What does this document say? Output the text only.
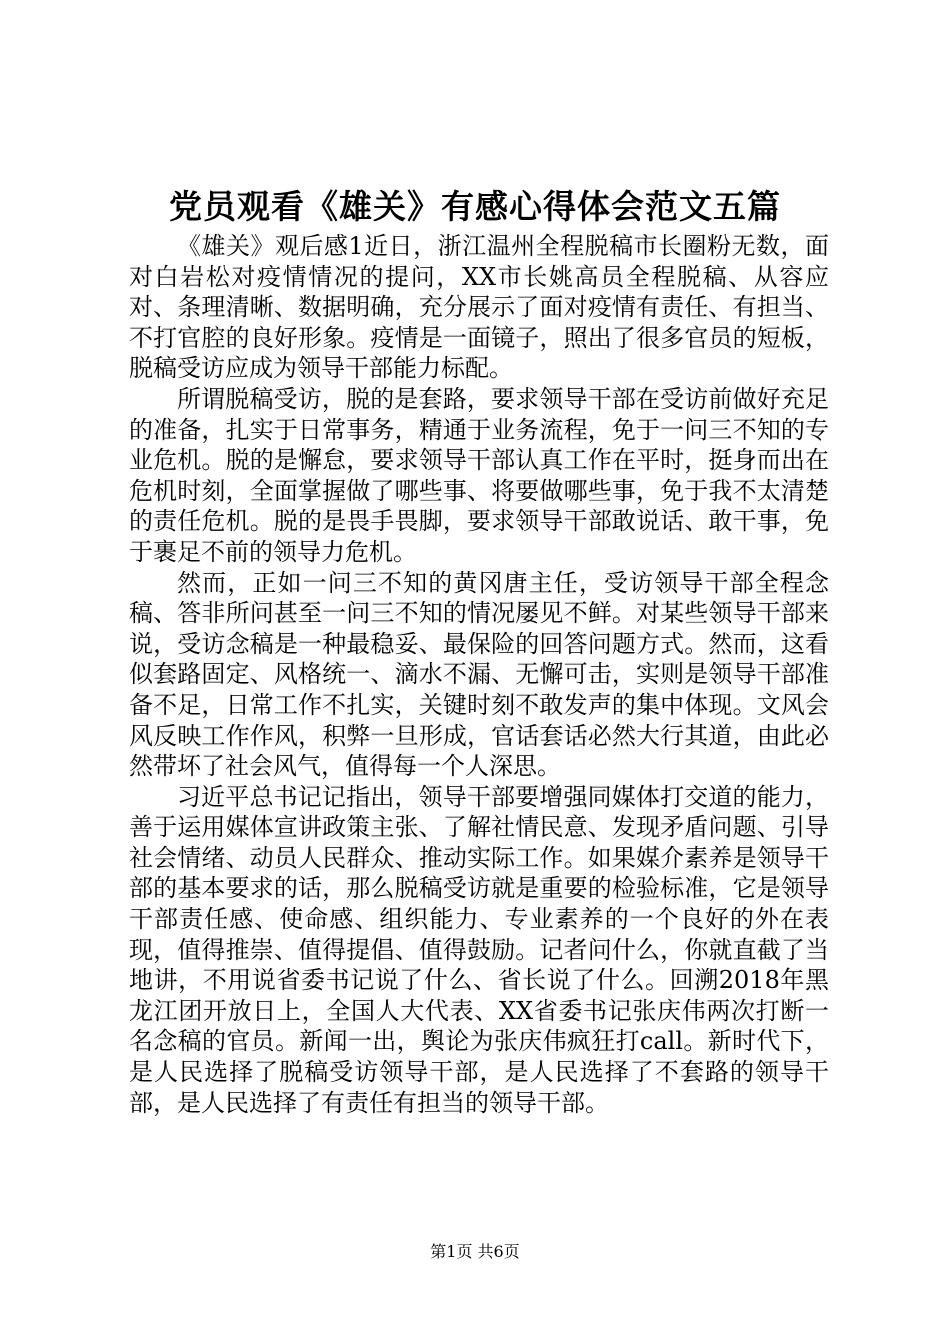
党员观看《雄关》有感心得体会范文五篇

《雄关》观后感1近日，浙江温州全程脱稿市长圈粉无数，面对白岩松对疫情情况的提问，XX市长姚高员全程脱稿、从容应对、条理清晰、数据明确，充分展示了面对疫情有责任、有担当、不打官腔的良好形象。疫情是一面镜子，照出了很多官员的短板，脱稿受访应成为领导干部能力标配。

所谓脱稿受访，脱的是套路，要求领导干部在受访前做好充足的准备，扎实于日常事务，精通于业务流程，免于一问三不知的专业危机。脱的是懈怠，要求领导干部认真工作在平时，挺身而出在危机时刻，全面掌握做了哪些事、将要做哪些事，免于我不太清楚的责任危机。脱的是畏手畏脚，要求领导干部敢说话、敢干事，免于裹足不前的领导力危机。

然而，正如一问三不知的黄冈唐主任，受访领导干部全程念稿、答非所问甚至一问三不知的情况屡见不鲜。对某些领导干部来说，受访念稿是一种最稳妥、最保险的回答问题方式。然而，这看似套路固定、风格统一、滴水不漏、无懈可击，实则是领导干部准备不足，日常工作不扎实，关键时刻不敢发声的集中体现。文风会风反映工作作风，积弊一旦形成，官话套话必然大行其道，由此必然带坏了社会风气，值得每一个人深思。

习近平总书记记指出，领导干部要增强同媒体打交道的能力，善于运用媒体宣讲政策主张、了解社情民意、发现矛盾问题、引导社会情绪、动员人民群众、推动实际工作。如果媒介素养是领导干部的基本要求的话，那么脱稿受访就是重要的检验标准，它是领导干部责任感、使命感、组织能力、专业素养的一个良好的外在表现，值得推崇、值得提倡、值得鼓励。记者问什么，你就直截了当地讲，不用说省委书记说了什么、省长说了什么。回溯2018年黑龙江团开放日上，全国人大代表、XX省委书记张庆伟两次打断一名念稿的官员。新闻一出，舆论为张庆伟疯狂打call。新时代下，是人民选择了脱稿受访领导干部，是人民选择了不套路的领导干部，是人民选择了有责任有担当的领导干部。

第1页 共6页
